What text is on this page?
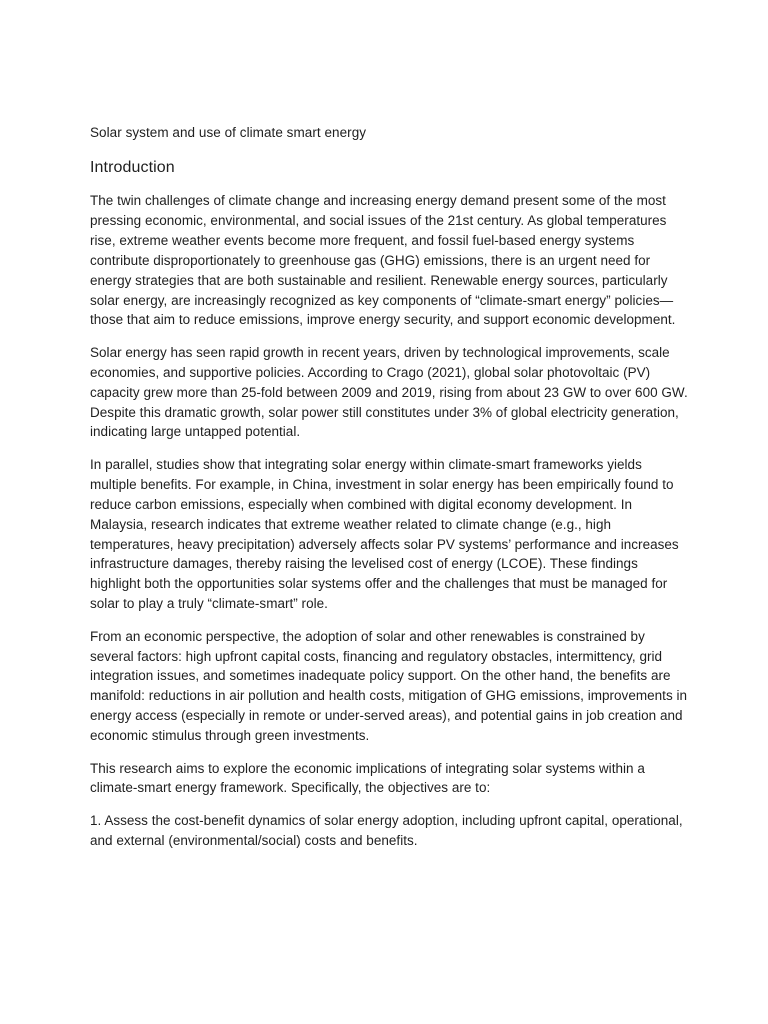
Solar system and use of climate smart energy
Introduction

The twin challenges of climate change and increasing energy demand present some of the most pressing economic, environmental, and social issues of the 21st century. As global temperatures rise, extreme weather events become more frequent, and fossil fuel-based energy systems contribute disproportionately to greenhouse gas (GHG) emissions, there is an urgent need for energy strategies that are both sustainable and resilient. Renewable energy sources, particularly solar energy, are increasingly recognized as key components of “climate-smart energy” policies—those that aim to reduce emissions, improve energy security, and support economic development.

Solar energy has seen rapid growth in recent years, driven by technological improvements, scale economies, and supportive policies. According to Crago (2021), global solar photovoltaic (PV) capacity grew more than 25-fold between 2009 and 2019, rising from about 23 GW to over 600 GW. Despite this dramatic growth, solar power still constitutes under 3% of global electricity generation, indicating large untapped potential.

In parallel, studies show that integrating solar energy within climate-smart frameworks yields multiple benefits. For example, in China, investment in solar energy has been empirically found to reduce carbon emissions, especially when combined with digital economy development. In Malaysia, research indicates that extreme weather related to climate change (e.g., high temperatures, heavy precipitation) adversely affects solar PV systems’ performance and increases infrastructure damages, thereby raising the levelised cost of energy (LCOE). These findings highlight both the opportunities solar systems offer and the challenges that must be managed for solar to play a truly “climate-smart” role.

From an economic perspective, the adoption of solar and other renewables is constrained by several factors: high upfront capital costs, financing and regulatory obstacles, intermittency, grid integration issues, and sometimes inadequate policy support. On the other hand, the benefits are manifold: reductions in air pollution and health costs, mitigation of GHG emissions, improvements in energy access (especially in remote or under-served areas), and potential gains in job creation and economic stimulus through green investments.

This research aims to explore the economic implications of integrating solar systems within a climate-smart energy framework. Specifically, the objectives are to:

1. Assess the cost-benefit dynamics of solar energy adoption, including upfront capital, operational, and external (environmental/social) costs and benefits.
